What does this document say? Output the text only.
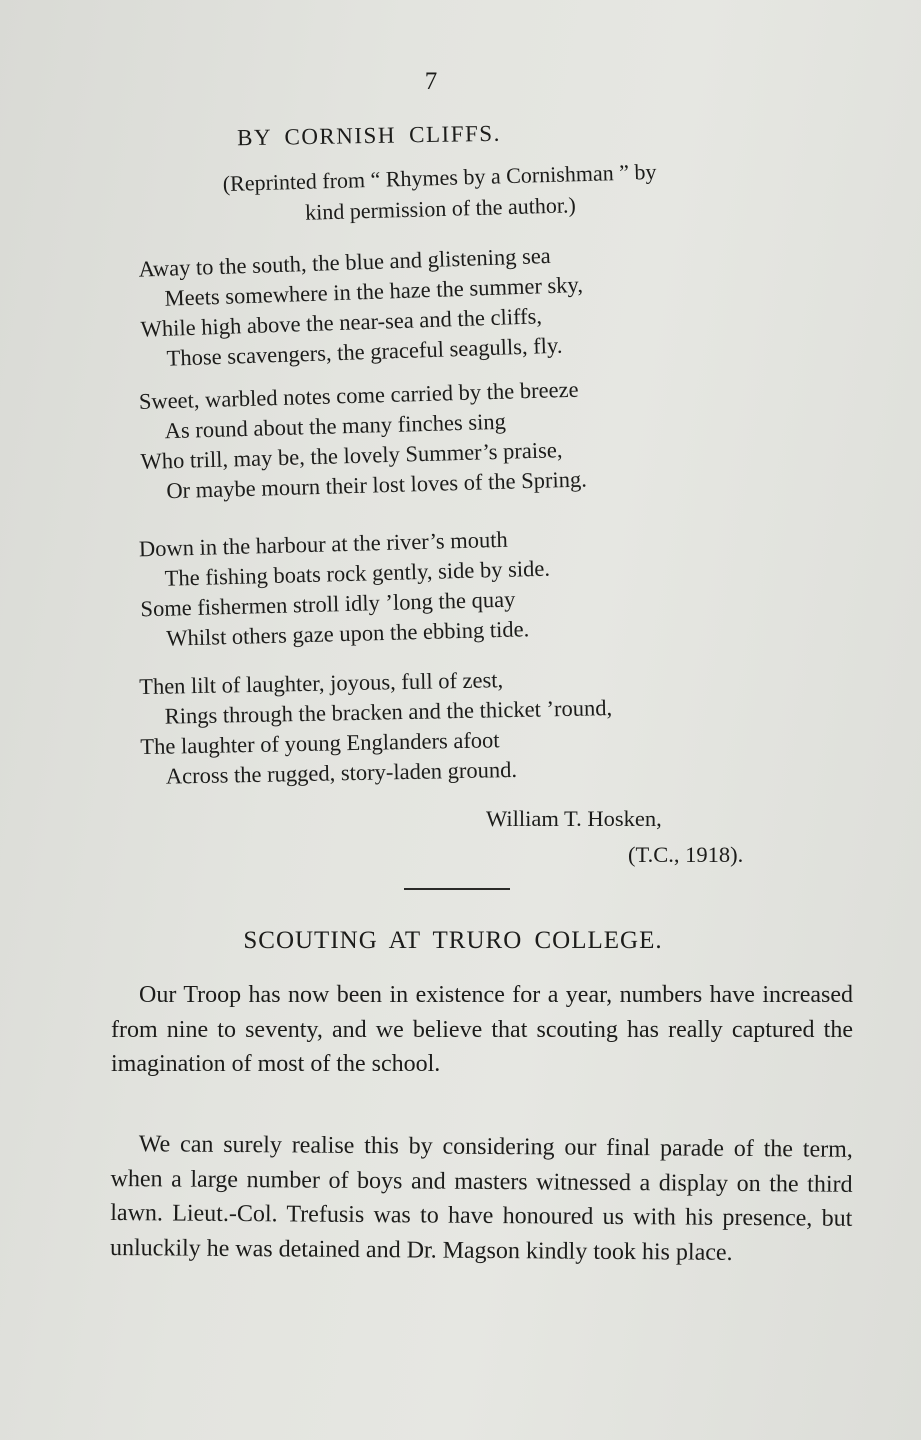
7
BY CORNISH CLIFFS.
(Reprinted from “ Rhymes by a Cornishman ” by
kind permission of the author.)
Away to the south, the blue and glistening sea
Meets somewhere in the haze the summer sky,
While high above the near-sea and the cliffs,
Those scavengers, the graceful seagulls, fly.
Sweet, warbled notes come carried by the breeze
As round about the many finches sing
Who trill, may be, the lovely Summer’s praise,
Or maybe mourn their lost loves of the Spring.
Down in the harbour at the river’s mouth
The fishing boats rock gently, side by side.
Some fishermen stroll idly ’long the quay
Whilst others gaze upon the ebbing tide.
Then lilt of laughter, joyous, full of zest,
Rings through the bracken and the thicket ’round,
The laughter of young Englanders afoot
Across the rugged, story-laden ground.
William T. Hosken,
(T.C., 1918).
SCOUTING AT TRURO COLLEGE.
Our Troop has now been in existence for a year, numbers have increased from nine to seventy, and we believe that scouting has really captured the imagination of most of the school.
We can surely realise this by considering our final parade of the term, when a large number of boys and masters witnessed a display on the third lawn. Lieut.-Col. Trefusis was to have honoured us with his presence, but unluckily he was detained and Dr. Magson kindly took his place.
